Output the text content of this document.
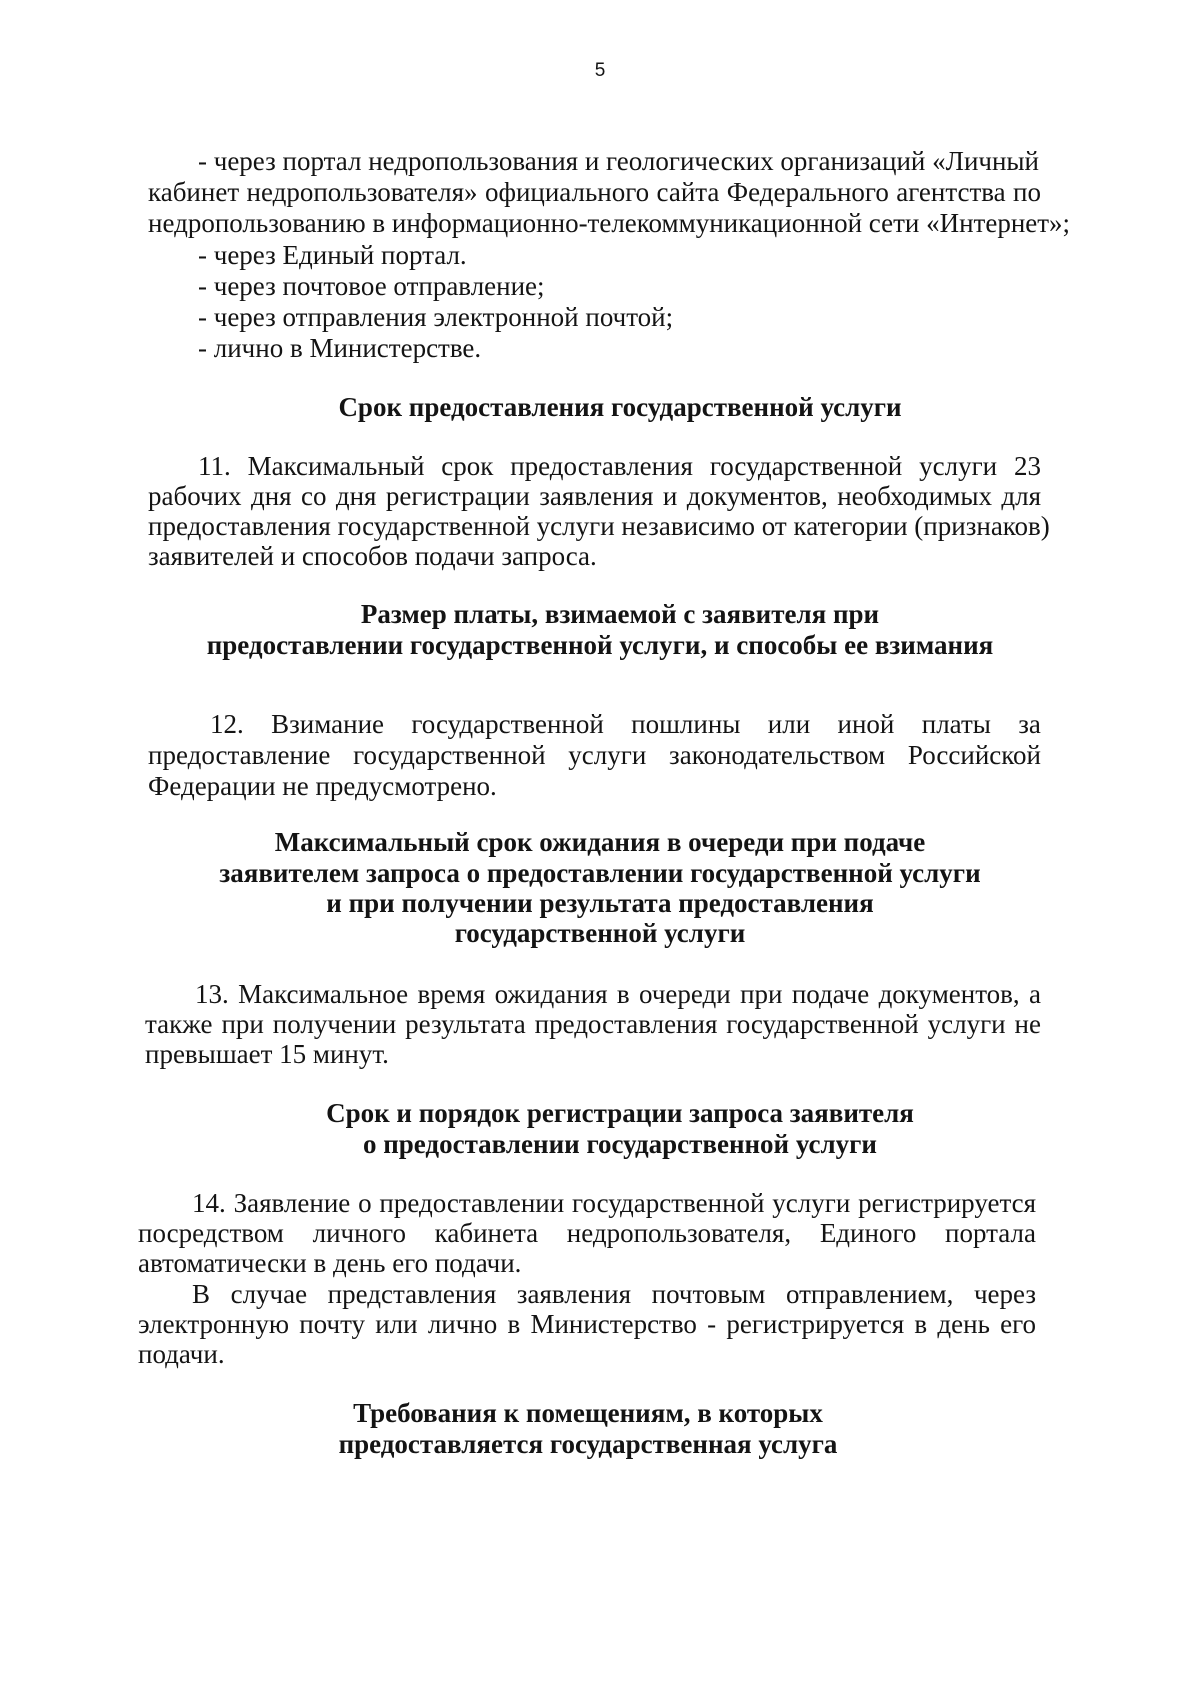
5
- через портал недропользования и геологических организаций «Личный
кабинет недропользователя» официального сайта Федерального агентства по
недропользованию в информационно-телекоммуникационной сети «Интернет»;
- через Единый портал.
- через почтовое отправление;
- через отправления электронной почтой;
- лично в Министерстве.
Срок предоставления государственной услуги
11. Максимальный срок предоставления государственной услуги 23
рабочих дня со дня регистрации заявления и документов, необходимых для
предоставления государственной услуги независимо от категории (признаков)
заявителей и способов подачи запроса.
Размер платы, взимаемой с заявителя при
предоставлении государственной услуги, и способы ее взимания
12. Взимание государственной пошлины или иной платы за
предоставление государственной услуги законодательством Российской
Федерации не предусмотрено.
Максимальный срок ожидания в очереди при подаче
заявителем запроса о предоставлении государственной услуги
и при получении результата предоставления
государственной услуги
13. Максимальное время ожидания в очереди при подаче документов, а
также при получении результата предоставления государственной услуги не
превышает 15 минут.
Срок и порядок регистрации запроса заявителя
о предоставлении государственной услуги
14. Заявление о предоставлении государственной услуги регистрируется
посредством личного кабинета недропользователя, Единого портала
автоматически в день его подачи.
В случае представления заявления почтовым отправлением, через
электронную почту или лично в Министерство - регистрируется в день его
подачи.
Требования к помещениям, в которых
предоставляется государственная услуга
